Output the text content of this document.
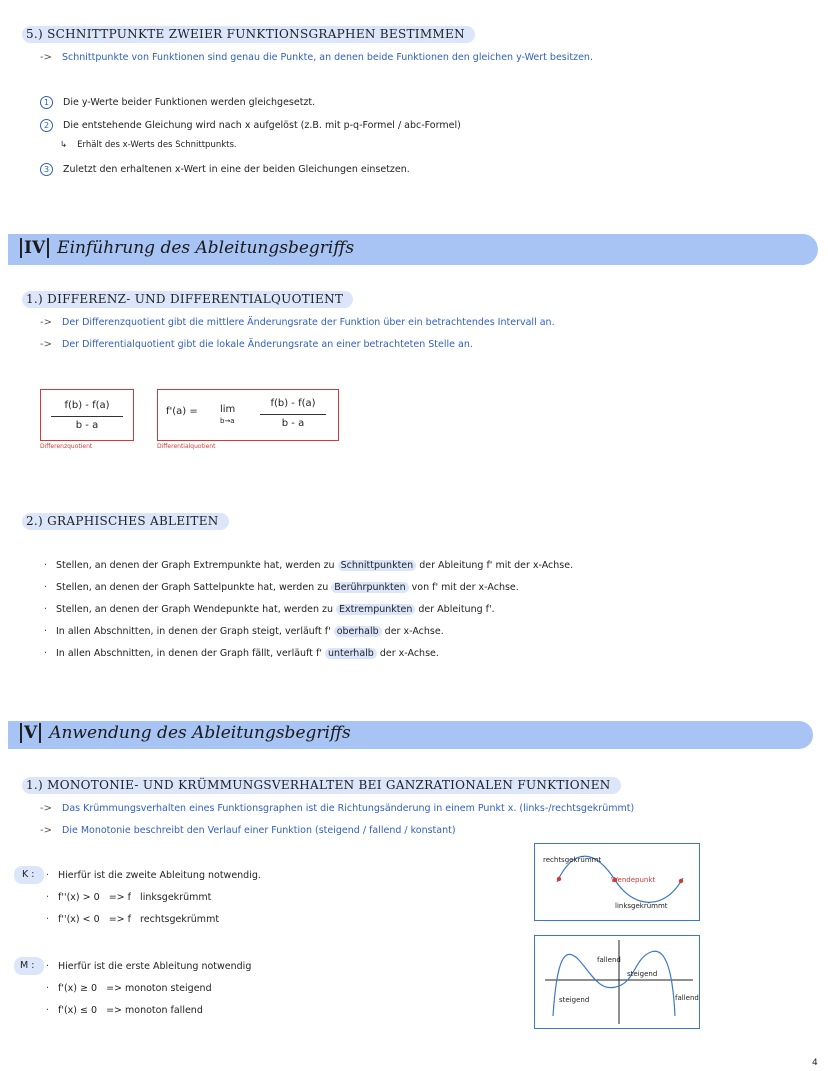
5.) SCHNITTPUNKTE ZWEIER FUNKTIONSGRAPHEN BESTIMMEN
-> Schnittpunkte von Funktionen sind genau die Punkte, an denen beide Funktionen den gleichen y-Wert besitzen.
1 Die y-Werte beider Funktionen werden gleichgesetzt.
2 Die entstehende Gleichung wird nach x aufgelöst (z.B. mit p-q-Formel / abc-Formel)
↳ Erhält des x-Werts des Schnittpunkts.
3 Zuletzt den erhaltenen x-Wert in eine der beiden Gleichungen einsetzen.
IV Einführung des Ableitungsbegriffs
1.) DIFFERENZ- UND DIFFERENTIALQUOTIENT
-> Der Differenzquotient gibt die mittlere Änderungsrate der Funktion über ein betrachtendes Intervall an.
-> Der Differentialquotient gibt die lokale Änderungsrate an einer betrachteten Stelle an.
f(b) - f(a)
b - a
Differenzquotient
f'(a) = lim
b→a
f(b) - f(a)
b - a
Differentialquotient
2.) GRAPHISCHES ABLEITEN
· Stellen, an denen der Graph Extrempunkte hat, werden zu Schnittpunkten der Ableitung f' mit der x-Achse.
· Stellen, an denen der Graph Sattelpunkte hat, werden zu Berührpunkten von f' mit der x-Achse.
· Stellen, an denen der Graph Wendepunkte hat, werden zu Extrempunkten der Ableitung f'.
· In allen Abschnitten, in denen der Graph steigt, verläuft f' oberhalb der x-Achse.
· In allen Abschnitten, in denen der Graph fällt, verläuft f' unterhalb der x-Achse.
V Anwendung des Ableitungsbegriffs
1.) MONOTONIE- UND KRÜMMUNGSVERHALTEN BEI GANZRATIONALEN FUNKTIONEN
-> Das Krümmungsverhalten eines Funktionsgraphen ist die Richtungsänderung in einem Punkt x. (links-/rechtsgekrümmt)
-> Die Monotonie beschreibt den Verlauf einer Funktion (steigend / fallend / konstant)
K : · Hierfür ist die zweite Ableitung notwendig.
· f''(x) > 0   => f   linksgekrümmt
· f''(x) < 0   => f   rechtsgekrümmt
M : · Hierfür ist die erste Ableitung notwendig
· f'(x) ≥ 0   => monoton steigend
· f'(x) ≤ 0   => monoton fallend
rechtsgekrümmt
Wendepunkt
linksgekrümmt
fallend
steigend
steigend	fallend
4
